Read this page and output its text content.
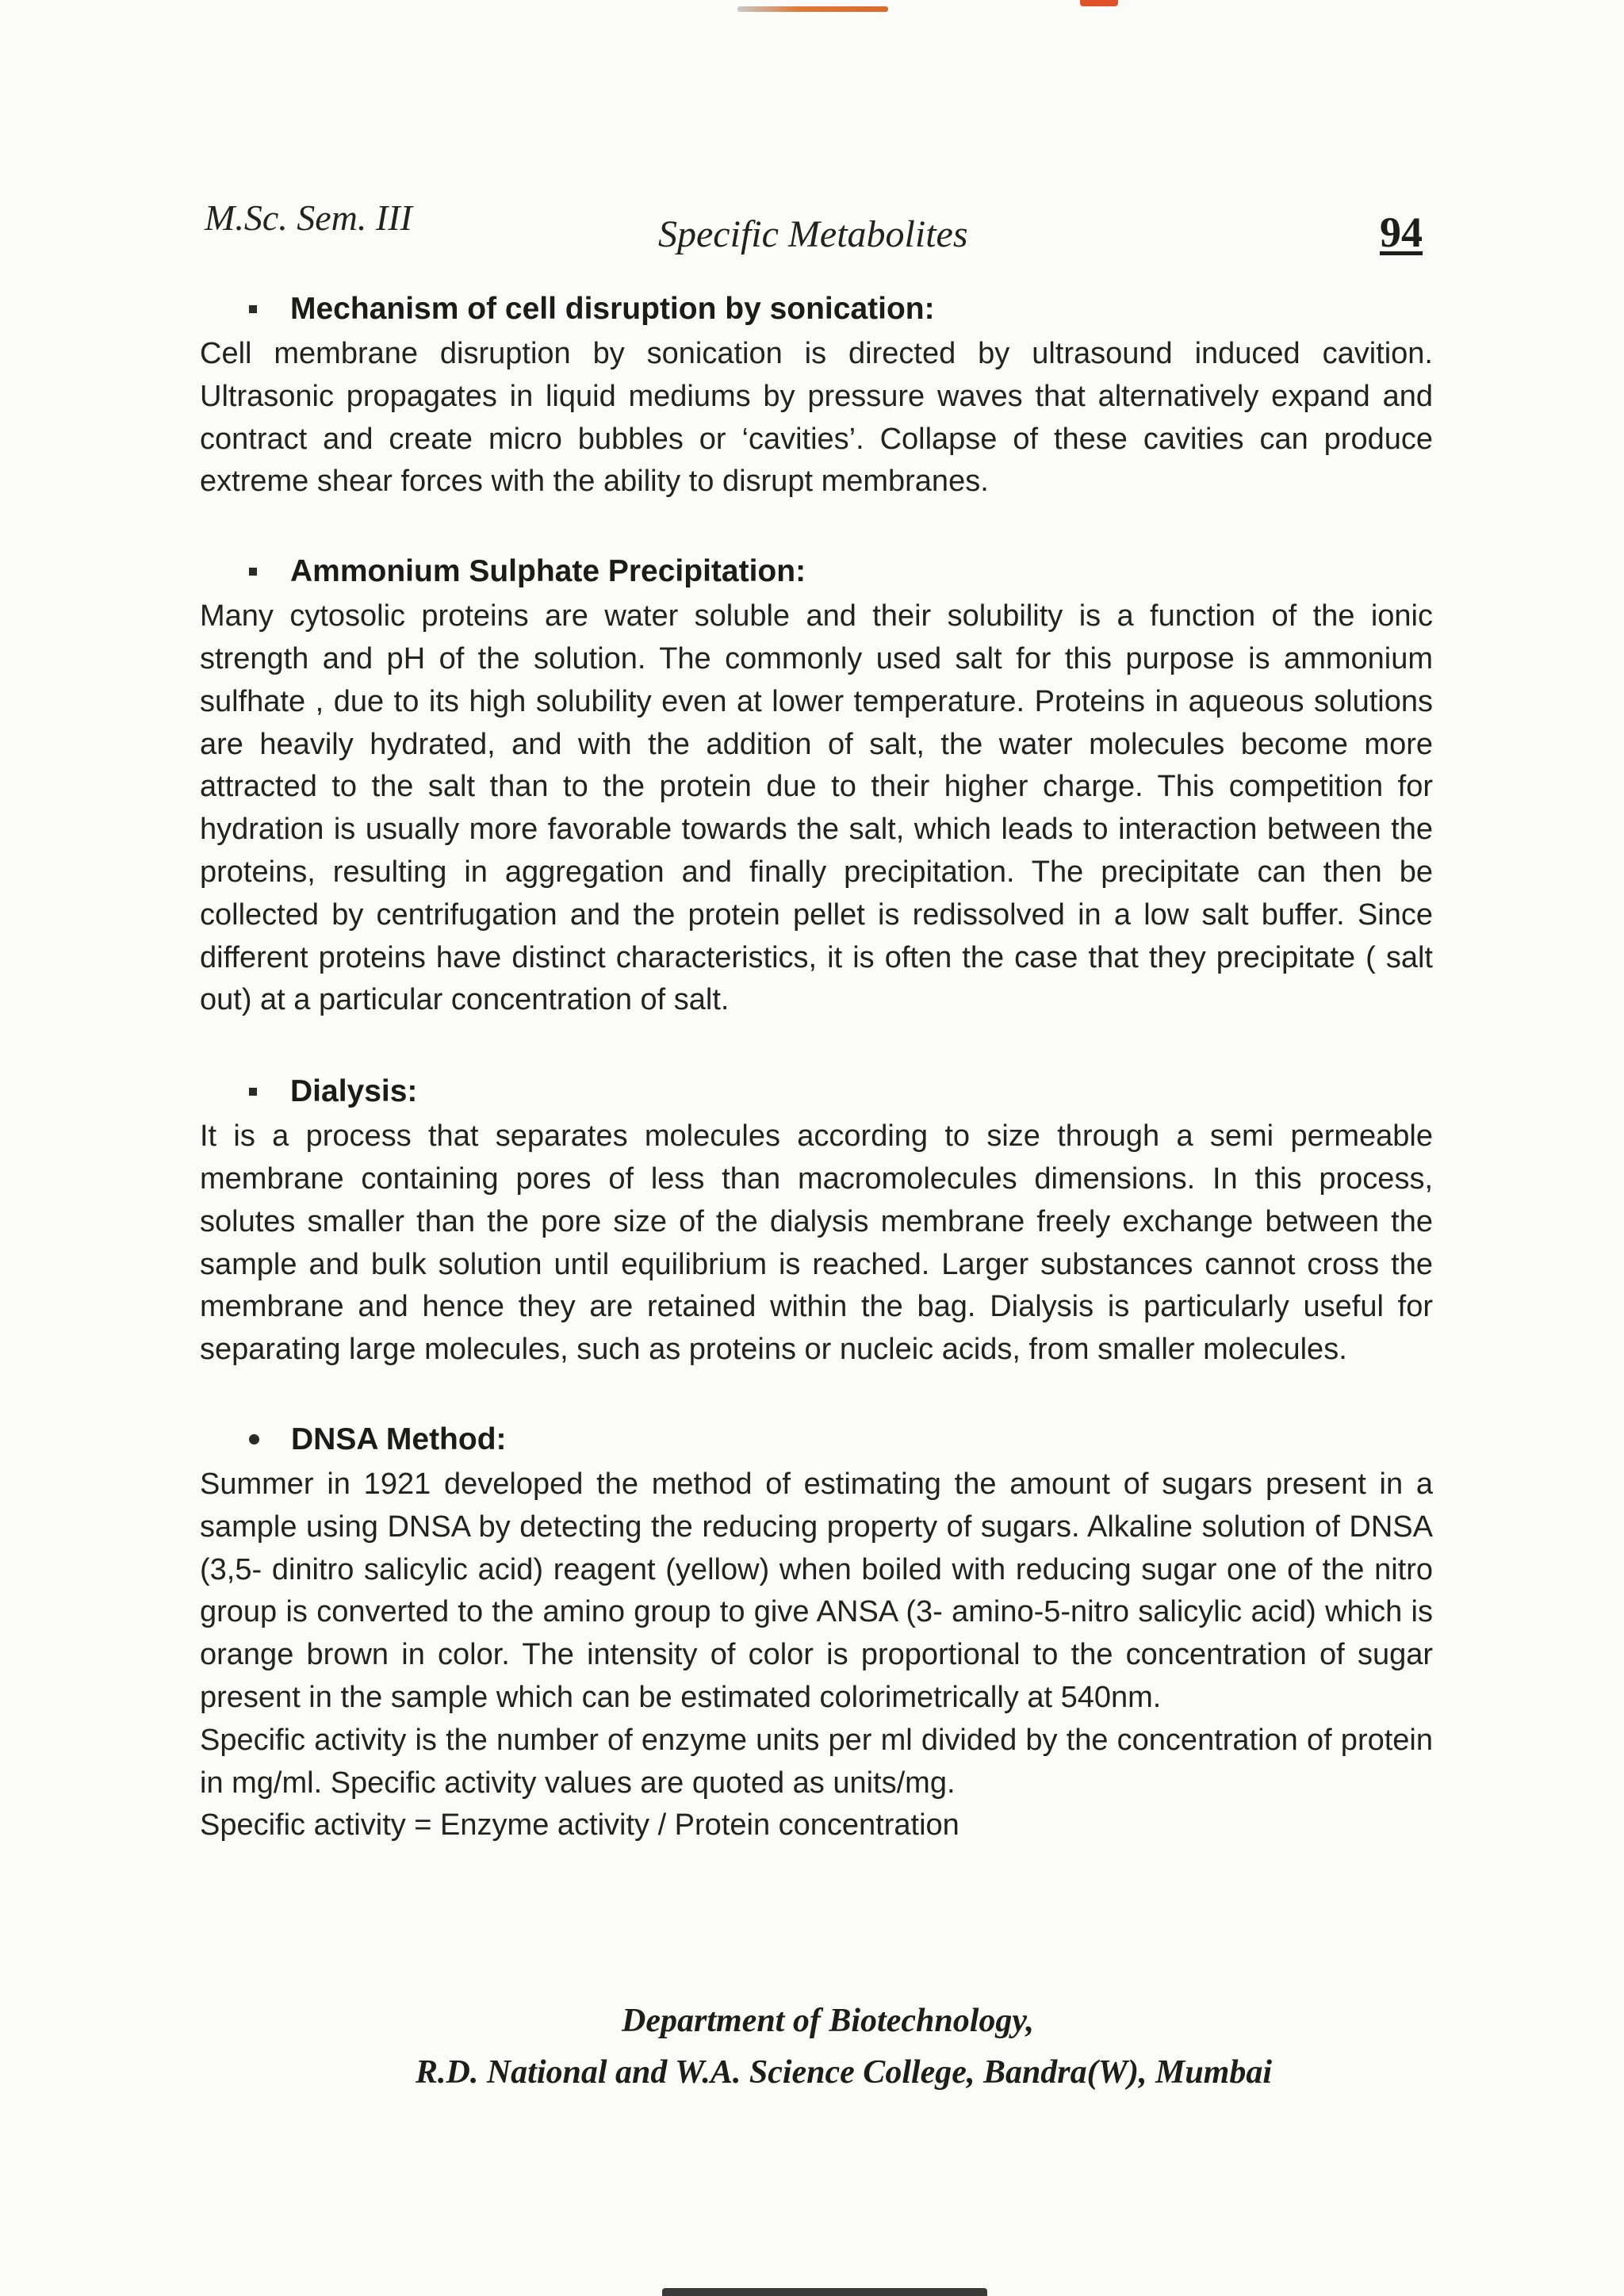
M.Sc. Sem. III	Specific Metabolites	94
Mechanism of cell disruption by sonication:

Cell membrane disruption by sonication is directed by ultrasound induced cavition. Ultrasonic propagates in liquid mediums by pressure waves that alternatively expand and contract and create micro bubbles or ‘cavities’. Collapse of these cavities can produce extreme shear forces with the ability to disrupt membranes.

Ammonium Sulphate Precipitation:

Many cytosolic proteins are water soluble and their solubility is a function of the ionic strength and pH of the solution. The commonly used salt for this purpose is ammonium sulfhate , due to its high solubility even at lower temperature. Proteins in aqueous solutions are heavily hydrated, and with the addition of salt, the water molecules become more attracted to the salt than to the protein due to their higher charge. This competition for hydration is usually more favorable towards the salt, which leads to interaction between the proteins, resulting in aggregation and finally precipitation. The precipitate can then be collected by centrifugation and the protein pellet is redissolved in a low salt buffer. Since different proteins have distinct characteristics, it is often the case that they precipitate ( salt out) at a particular concentration of salt.

Dialysis:

It is a process that separates molecules according to size through a semi permeable membrane containing pores of less than macromolecules dimensions. In this process, solutes smaller than the pore size of the dialysis membrane freely exchange between the sample and bulk solution until equilibrium is reached. Larger substances cannot cross the membrane and hence they are retained within the bag. Dialysis is particularly useful for separating large molecules, such as proteins or nucleic acids, from smaller molecules.

DNSA Method:

Summer in 1921 developed the method of estimating the amount of sugars present in a sample using DNSA by detecting the reducing property of sugars. Alkaline solution of DNSA (3,5- dinitro salicylic acid) reagent (yellow) when boiled with reducing sugar one of the nitro group is converted to the amino group to give ANSA (3- amino-5-nitro salicylic acid) which is orange brown in color. The intensity of color is proportional to the concentration of sugar present in the sample which can be estimated colorimetrically at 540nm.

Specific activity is the number of enzyme units per ml divided by the concentration of protein in mg/ml. Specific activity values are quoted as units/mg.

Specific activity = Enzyme activity / Protein concentration

Department of Biotechnology,
R.D. National and W.A. Science College, Bandra(W), Mumbai
